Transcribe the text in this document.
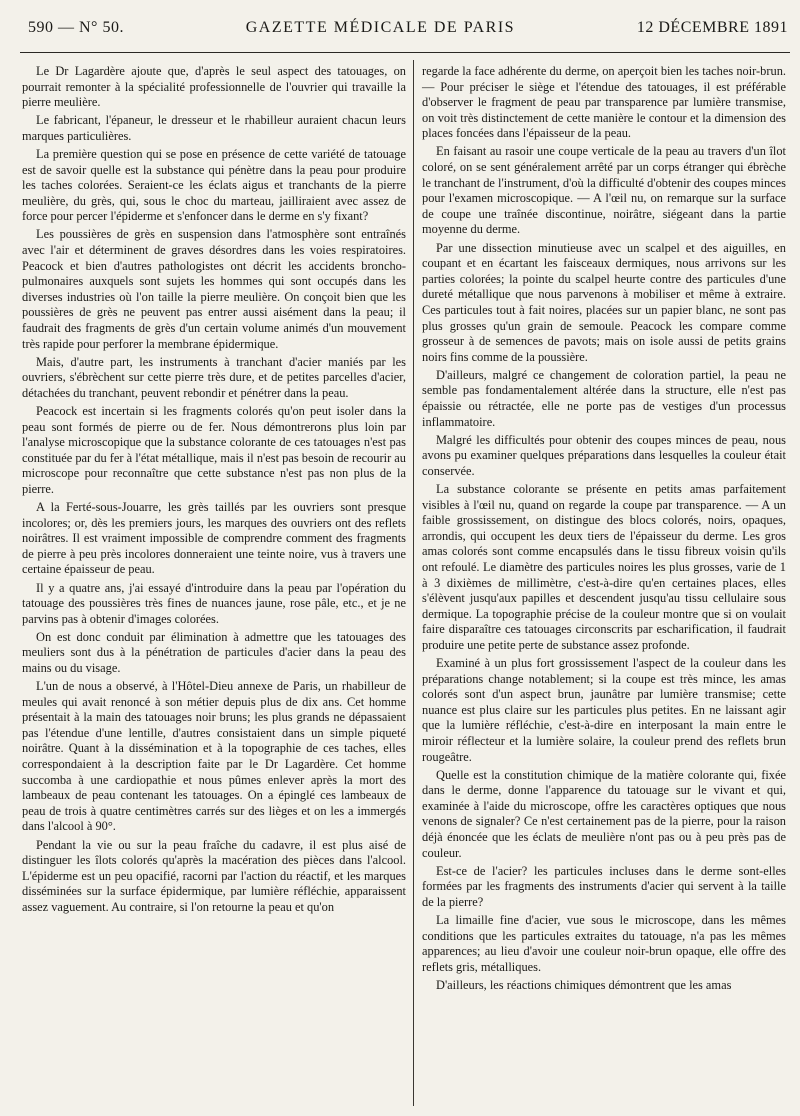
590 — N° 50.	GAZETTE MÉDICALE DE PARIS	12 DÉCEMBRE 1891

Le Dr Lagardère ajoute que, d'après le seul aspect des tatouages, on pourrait remonter à la spécialité professionnelle de l'ouvrier qui travaille la pierre meulière.

Le fabricant, l'épaneur, le dresseur et le rhabilleur auraient chacun leurs marques particulières.

La première question qui se pose en présence de cette variété de tatouage est de savoir quelle est la substance qui pénètre dans la peau pour produire les taches colorées. Seraient-ce les éclats aigus et tranchants de la pierre meulière, du grès, qui, sous le choc du marteau, jailliraient avec assez de force pour percer l'épiderme et s'enfoncer dans le derme en s'y fixant?

Les poussières de grès en suspension dans l'atmosphère sont entraînés avec l'air et déterminent de graves désordres dans les voies respiratoires. Peacock et bien d'autres pathologistes ont décrit les accidents broncho-pulmonaires auxquels sont sujets les hommes qui sont occupés dans les diverses industries où l'on taille la pierre meulière. On conçoit bien que les poussières de grès ne peuvent pas entrer aussi aisément dans la peau; il faudrait des fragments de grès d'un certain volume animés d'un mouvement très rapide pour perforer la membrane épidermique.

Mais, d'autre part, les instruments à tranchant d'acier maniés par les ouvriers, s'ébrèchent sur cette pierre très dure, et de petites parcelles d'acier, détachées du tranchant, peuvent rebondir et pénétrer dans la peau.

Peacock est incertain si les fragments colorés qu'on peut isoler dans la peau sont formés de pierre ou de fer. Nous démontrerons plus loin par l'analyse microscopique que la substance colorante de ces tatouages n'est pas constituée par du fer à l'état métallique, mais il n'est pas besoin de recourir au microscope pour reconnaître que cette substance n'est pas non plus de la pierre.

A la Ferté-sous-Jouarre, les grès taillés par les ouvriers sont presque incolores; or, dès les premiers jours, les marques des ouvriers ont des reflets noirâtres. Il est vraiment impossible de comprendre comment des fragments de pierre à peu près incolores donneraient une teinte noire, vus à travers une certaine épaisseur de peau.

Il y a quatre ans, j'ai essayé d'introduire dans la peau par l'opération du tatouage des poussières très fines de nuances jaune, rose pâle, etc., et je ne parvins pas à obtenir d'images colorées.

On est donc conduit par élimination à admettre que les tatouages des meuliers sont dus à la pénétration de particules d'acier dans la peau des mains ou du visage.

L'un de nous a observé, à l'Hôtel-Dieu annexe de Paris, un rhabilleur de meules qui avait renoncé à son métier depuis plus de dix ans. Cet homme présentait à la main des tatouages noir bruns; les plus grands ne dépassaient pas l'étendue d'une lentille, d'autres consistaient dans un simple piqueté noirâtre. Quant à la dissémination et à la topographie de ces taches, elles correspondaient à la description faite par le Dr Lagardère. Cet homme succomba à une cardiopathie et nous pûmes enlever après la mort des lambeaux de peau contenant les tatouages. On a épinglé ces lambeaux de peau de trois à quatre centimètres carrés sur des lièges et on les a immergés dans l'alcool à 90°.

Pendant la vie ou sur la peau fraîche du cadavre, il est plus aisé de distinguer les îlots colorés qu'après la macération des pièces dans l'alcool. L'épiderme est un peu opacifié, racorni par l'action du réactif, et les marques disséminées sur la surface épidermique, par lumière réfléchie, apparaissent assez vaguement. Au contraire, si l'on retourne la peau et qu'on

regarde la face adhérente du derme, on aperçoit bien les taches noir-brun. — Pour préciser le siège et l'étendue des tatouages, il est préférable d'observer le fragment de peau par transparence par lumière transmise, on voit très distinctement de cette manière le contour et la dimension des places foncées dans l'épaisseur de la peau.

En faisant au rasoir une coupe verticale de la peau au travers d'un îlot coloré, on se sent généralement arrêté par un corps étranger qui ébrèche le tranchant de l'instrument, d'où la difficulté d'obtenir des coupes minces pour l'examen microscopique. — A l'œil nu, on remarque sur la surface de coupe une traînée discontinue, noirâtre, siégeant dans la partie moyenne du derme.

Par une dissection minutieuse avec un scalpel et des aiguilles, en coupant et en écartant les faisceaux dermiques, nous arrivons sur les parties colorées; la pointe du scalpel heurte contre des particules d'une dureté métallique que nous parvenons à mobiliser et même à extraire. Ces particules tout à fait noires, placées sur un papier blanc, ne sont pas plus grosses qu'un grain de semoule. Peacock les compare comme grosseur à de semences de pavots; mais on isole aussi de petits grains noirs fins comme de la poussière.

D'ailleurs, malgré ce changement de coloration partiel, la peau ne semble pas fondamentalement altérée dans la structure, elle n'est pas épaissie ou rétractée, elle ne porte pas de vestiges d'un processus inflammatoire.

Malgré les difficultés pour obtenir des coupes minces de peau, nous avons pu examiner quelques préparations dans lesquelles la couleur était conservée.

La substance colorante se présente en petits amas parfaitement visibles à l'œil nu, quand on regarde la coupe par transparence. — A un faible grossissement, on distingue des blocs colorés, noirs, opaques, arrondis, qui occupent les deux tiers de l'épaisseur du derme. Les gros amas colorés sont comme encapsulés dans le tissu fibreux voisin qu'ils ont refoulé. Le diamètre des particules noires les plus grosses, varie de 1 à 3 dixièmes de millimètre, c'est-à-dire qu'en certaines places, elles s'élèvent jusqu'aux papilles et descendent jusqu'au tissu cellulaire sous dermique. La topographie précise de la couleur montre que si on voulait faire disparaître ces tatouages circonscrits par escharification, il faudrait produire une petite perte de substance assez profonde.

Examiné à un plus fort grossissement l'aspect de la couleur dans les préparations change notablement; si la coupe est très mince, les amas colorés sont d'un aspect brun, jaunâtre par lumière transmise; cette nuance est plus claire sur les particules plus petites. En ne laissant agir que la lumière réfléchie, c'est-à-dire en interposant la main entre le miroir réflecteur et la lumière solaire, la couleur prend des reflets brun rougeâtre.

Quelle est la constitution chimique de la matière colorante qui, fixée dans le derme, donne l'apparence du tatouage sur le vivant et qui, examinée à l'aide du microscope, offre les caractères optiques que nous venons de signaler? Ce n'est certainement pas de la pierre, pour la raison déjà énoncée que les éclats de meulière n'ont pas ou à peu près pas de couleur.

Est-ce de l'acier? les particules incluses dans le derme sont-elles formées par les fragments des instruments d'acier qui servent à la taille de la pierre?

La limaille fine d'acier, vue sous le microscope, dans les mêmes conditions que les particules extraites du tatouage, n'a pas les mêmes apparences; au lieu d'avoir une couleur noir-brun opaque, elle offre des reflets gris, métalliques.

D'ailleurs, les réactions chimiques démontrent que les amas
